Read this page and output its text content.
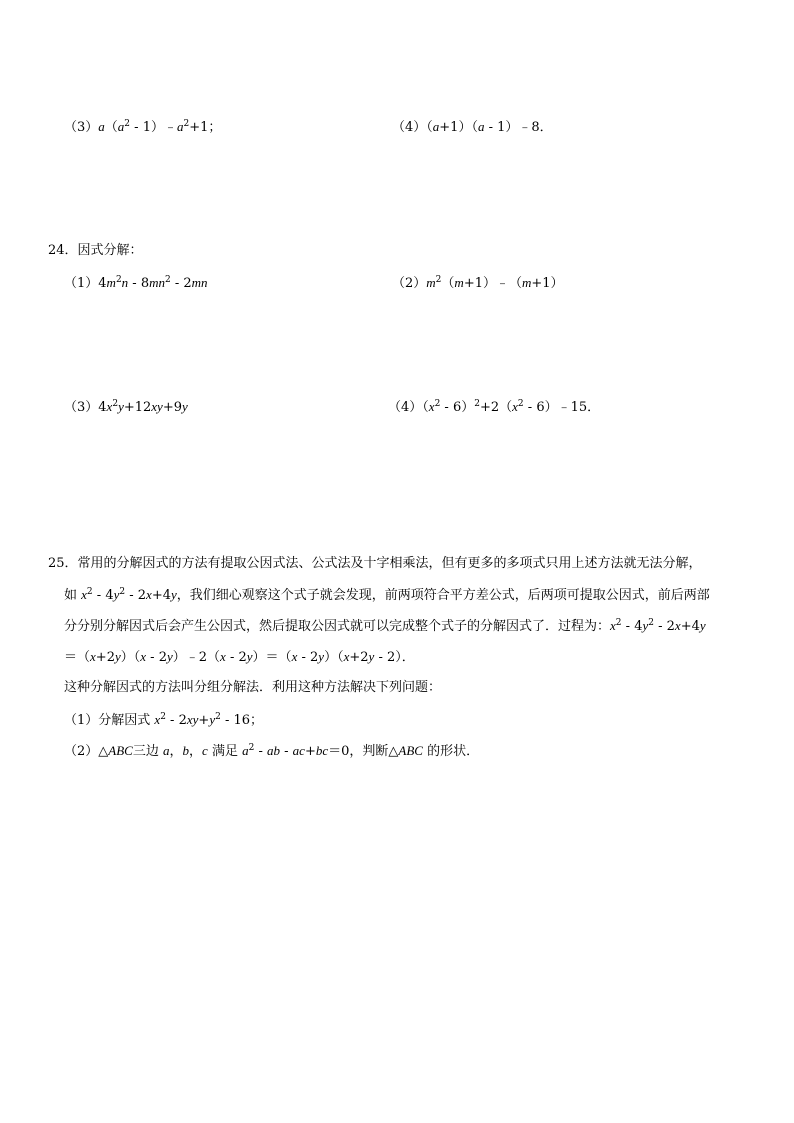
$(3)a(a^2$ - $1)﹣a^2+1$；	（4）（a+1）（a - 1）﹣8．
24．因式分解：
$(1)4m^2n - 8mn^2 - 2mn$	$(2)m^2(m+1)﹣(m+1)$
$(3)4x^2y+12xy+9y$	$(4)(x^2 - 6)^2+2(x^2$ - 6）﹣15．
25．常用的分解因式的方法有提取公因式法、公式法及十字相乘法，但有更多的多项式只用上述方法就无法分解，
如 $x^2 - 4y^2 - 2x+4y$，我们细心观察这个式子就会发现，前两项符合平方差公式，后两项可提取公因式，前后两部
分分别分解因式后会产生公因式，然后提取公因式就可以完成整个式子的分解因式了．过程为：$x^2 - 4y^2 - 2x+4y$
＝（x+2y）（x - 2y）﹣2（x - 2y）＝（x - 2y）（x+2y - 2）．
这种分解因式的方法叫分组分解法．利用这种方法解决下列问题：
（1）分解因式 $x^2 - 2xy+y^2 - 16$；
（2）△ABC三边 a，b，c 满足 $a^2$ - ab - ac+bc＝0，判断△ABC 的形状．
